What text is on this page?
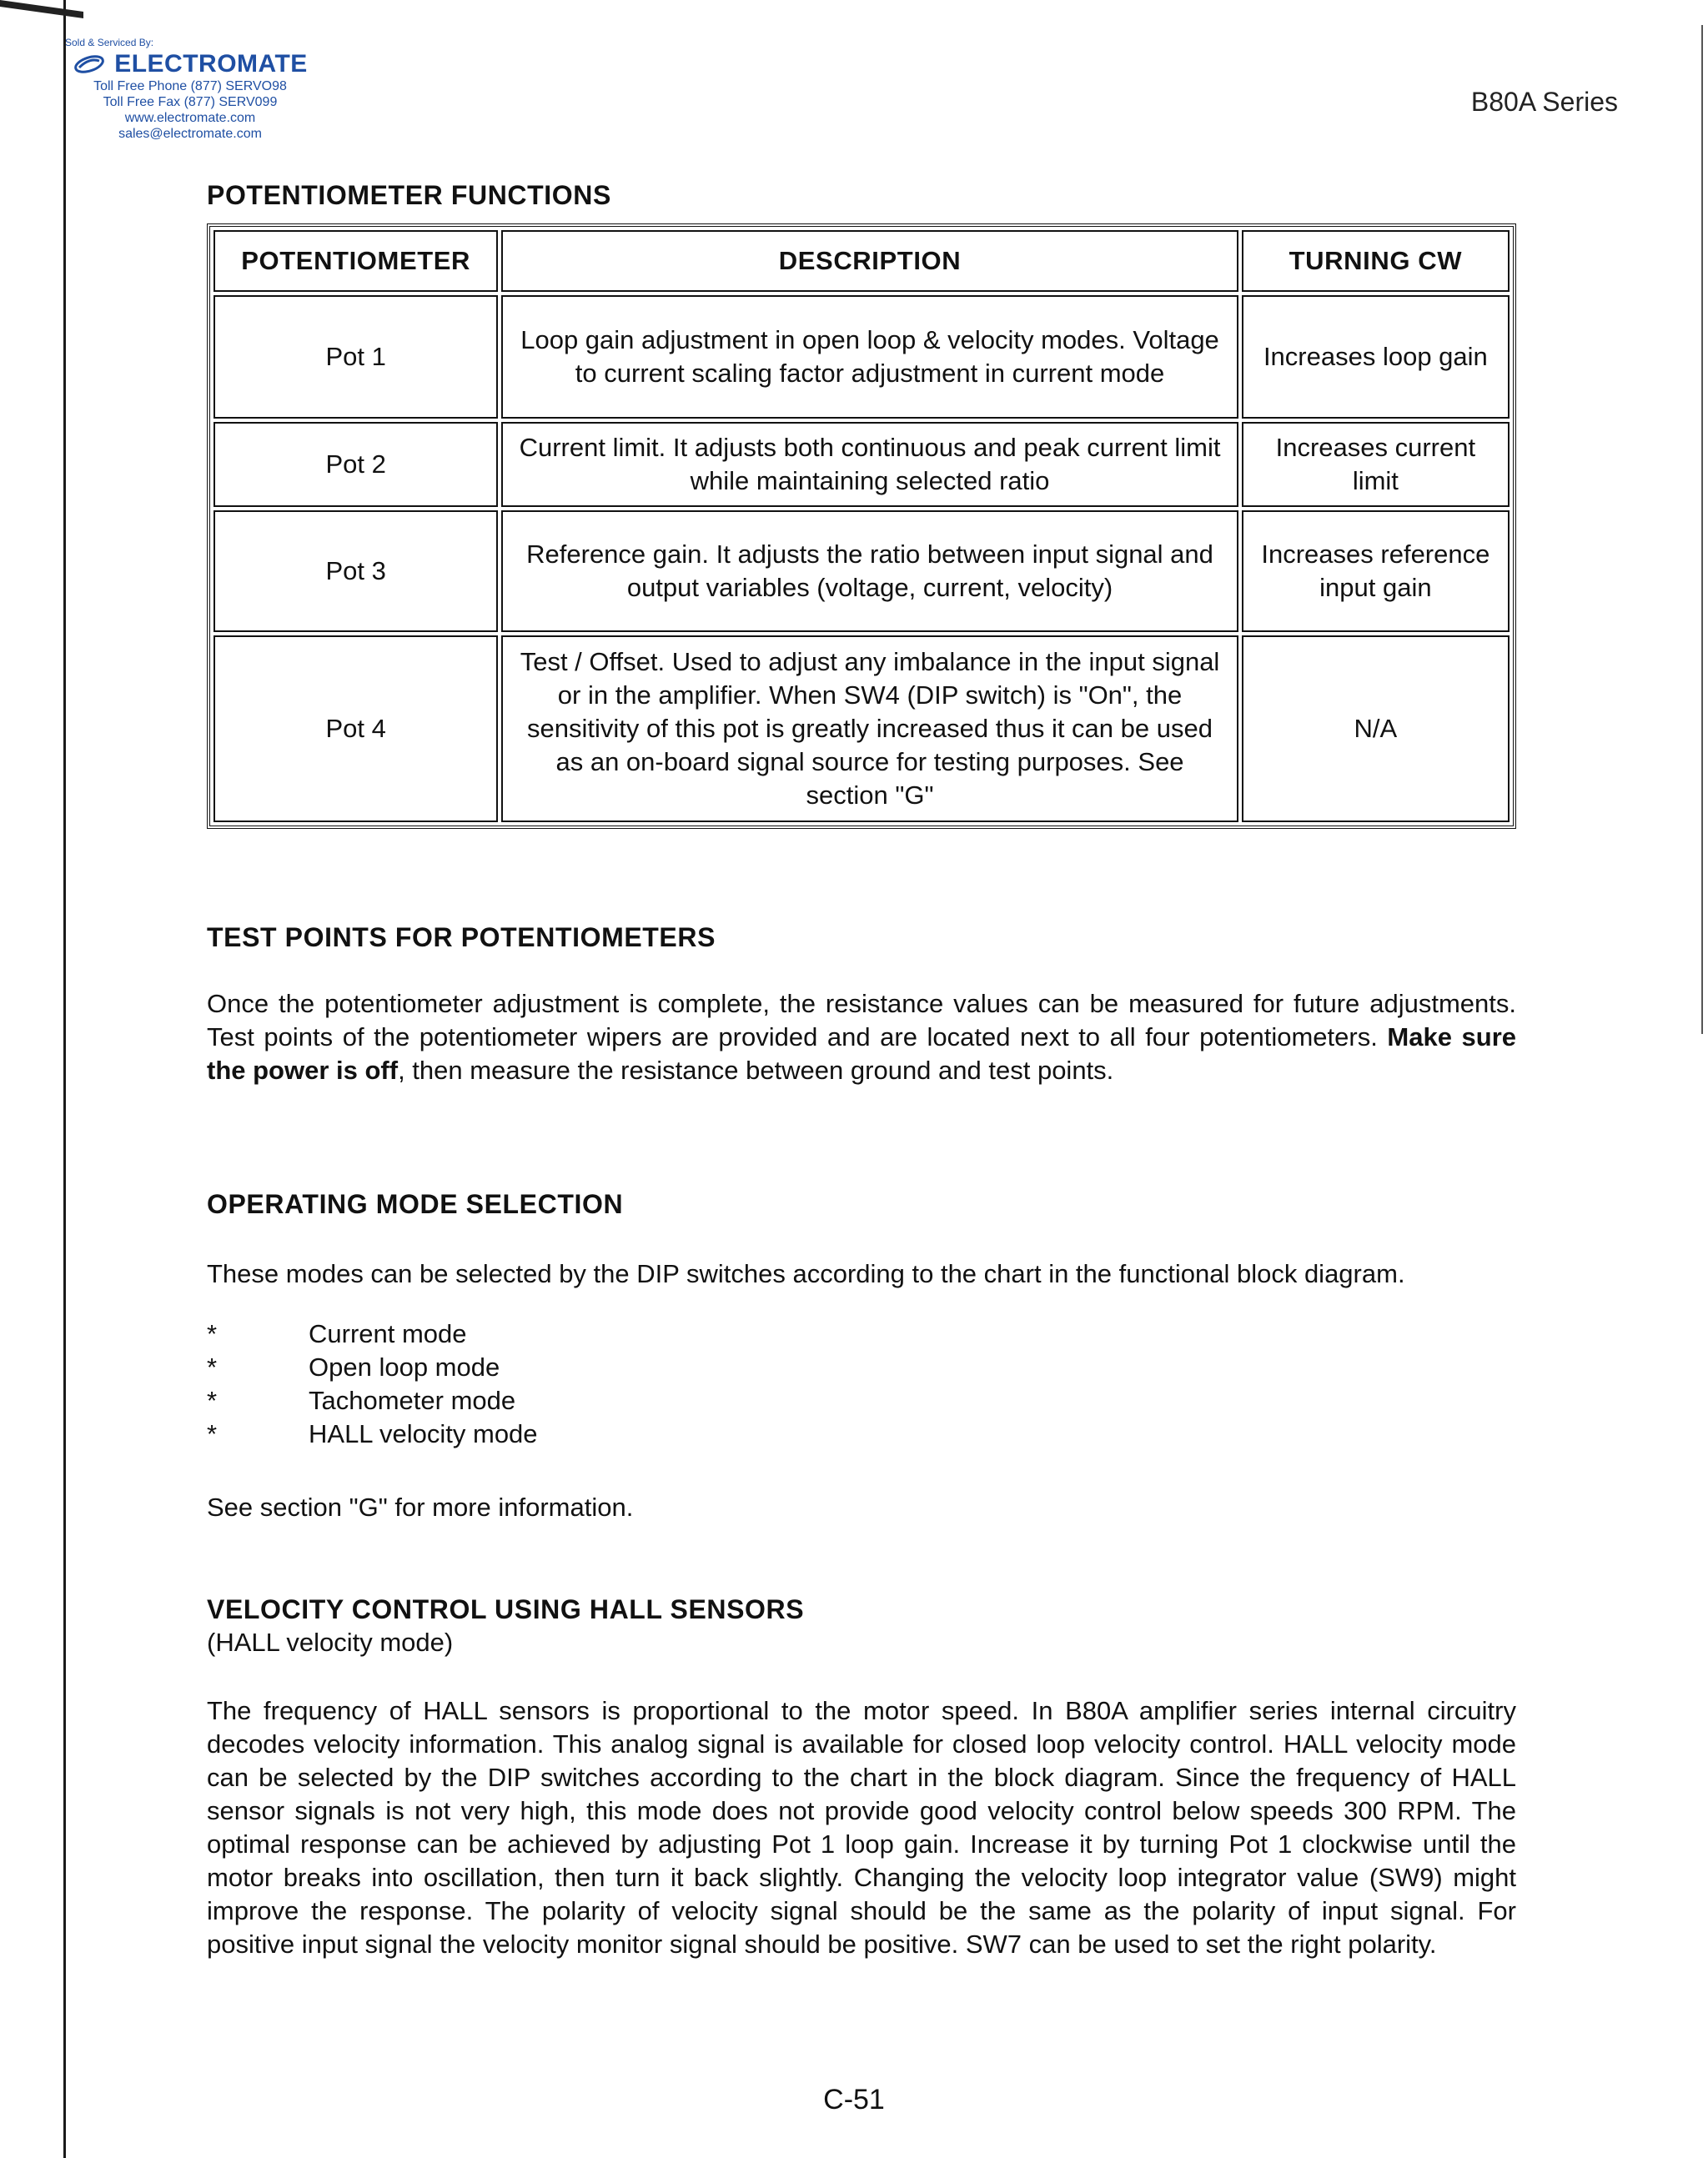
Sold & Serviced By:
ELECTROMATE
Toll Free Phone (877) SERVO98
Toll Free Fax (877) SERV099
www.electromate.com
sales@electromate.com
B80A Series
POTENTIOMETER FUNCTIONS
POTENTIOMETER	DESCRIPTION	TURNING CW
Pot 1	Loop gain adjustment in open loop & velocity modes. Voltage to current scaling factor adjustment in current mode	Increases loop gain
Pot 2	Current limit. It adjusts both continuous and peak current limit while maintaining selected ratio	Increases current limit
Pot 3	Reference gain. It adjusts the ratio between input signal and output variables (voltage, current, velocity)	Increases reference input gain
Pot 4	Test / Offset. Used to adjust any imbalance in the input signal or in the amplifier. When SW4 (DIP switch) is "On", the sensitivity of this pot is greatly increased thus it can be used as an on-board signal source for testing purposes. See section "G"	N/A
TEST POINTS FOR POTENTIOMETERS
Once the potentiometer adjustment is complete, the resistance values can be measured for future adjustments. Test points of the potentiometer wipers are provided and are located next to all four potentiometers. Make sure the power is off, then measure the resistance between ground and test points.
OPERATING MODE SELECTION
These modes can be selected by the DIP switches according to the chart in the functional block diagram.
*	Current mode
*	Open loop mode
*	Tachometer mode
*	HALL velocity mode
See section "G" for more information.
VELOCITY CONTROL USING HALL SENSORS
(HALL velocity mode)
The frequency of HALL sensors is proportional to the motor speed. In B80A amplifier series internal circuitry decodes velocity information. This analog signal is available for closed loop velocity control. HALL velocity mode can be selected by the DIP switches according to the chart in the block diagram. Since the frequency of HALL sensor signals is not very high, this mode does not provide good velocity control below speeds 300 RPM. The optimal response can be achieved by adjusting Pot 1 loop gain. Increase it by turning Pot 1 clockwise until the motor breaks into oscillation, then turn it back slightly. Changing the velocity loop integrator value (SW9) might improve the response. The polarity of velocity signal should be the same as the polarity of input signal. For positive input signal the velocity monitor signal should be positive. SW7 can be used to set the right polarity.
C-51
